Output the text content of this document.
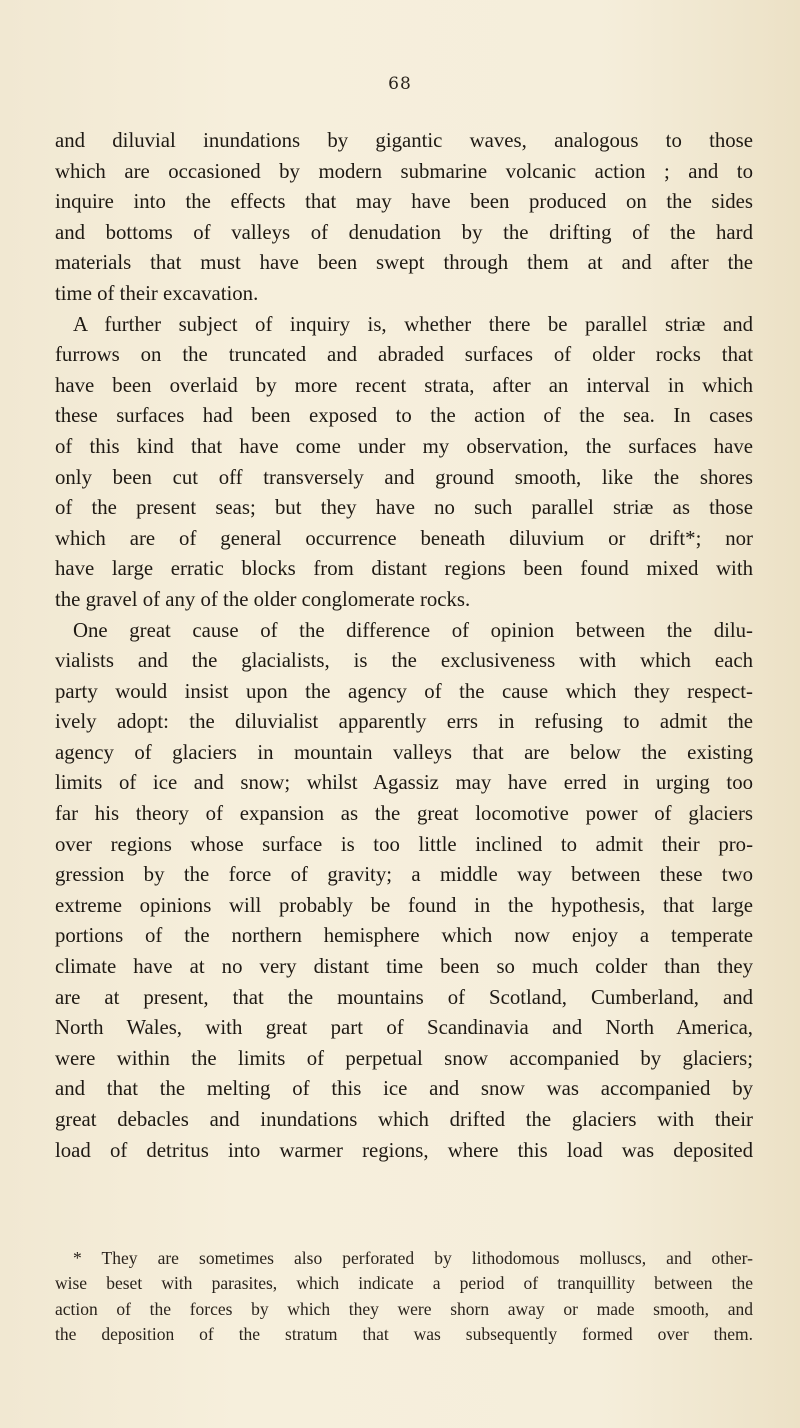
68
and diluvial inundations by gigantic waves, analogous to those
which are occasioned by modern submarine volcanic action ; and to
inquire into the effects that may have been produced on the sides
and bottoms of valleys of denudation by the drifting of the hard
materials that must have been swept through them at and after the
time of their excavation.
A further subject of inquiry is, whether there be parallel striæ and
furrows on the truncated and abraded surfaces of older rocks that
have been overlaid by more recent strata, after an interval in which
these surfaces had been exposed to the action of the sea. In cases
of this kind that have come under my observation, the surfaces have
only been cut off transversely and ground smooth, like the shores
of the present seas; but they have no such parallel striæ as those
which are of general occurrence beneath diluvium or drift*; nor
have large erratic blocks from distant regions been found mixed with
the gravel of any of the older conglomerate rocks.
One great cause of the difference of opinion between the dilu-
vialists and the glacialists, is the exclusiveness with which each
party would insist upon the agency of the cause which they respect-
ively adopt: the diluvialist apparently errs in refusing to admit the
agency of glaciers in mountain valleys that are below the existing
limits of ice and snow; whilst Agassiz may have erred in urging too
far his theory of expansion as the great locomotive power of glaciers
over regions whose surface is too little inclined to admit their pro-
gression by the force of gravity; a middle way between these two
extreme opinions will probably be found in the hypothesis, that large
portions of the northern hemisphere which now enjoy a temperate
climate have at no very distant time been so much colder than they
are at present, that the mountains of Scotland, Cumberland, and
North Wales, with great part of Scandinavia and North America,
were within the limits of perpetual snow accompanied by glaciers;
and that the melting of this ice and snow was accompanied by
great debacles and inundations which drifted the glaciers with their
load of detritus into warmer regions, where this load was deposited
* They are sometimes also perforated by lithodomous molluscs, and other-
wise beset with parasites, which indicate a period of tranquillity between the
action of the forces by which they were shorn away or made smooth, and
the deposition of the stratum that was subsequently formed over them.
